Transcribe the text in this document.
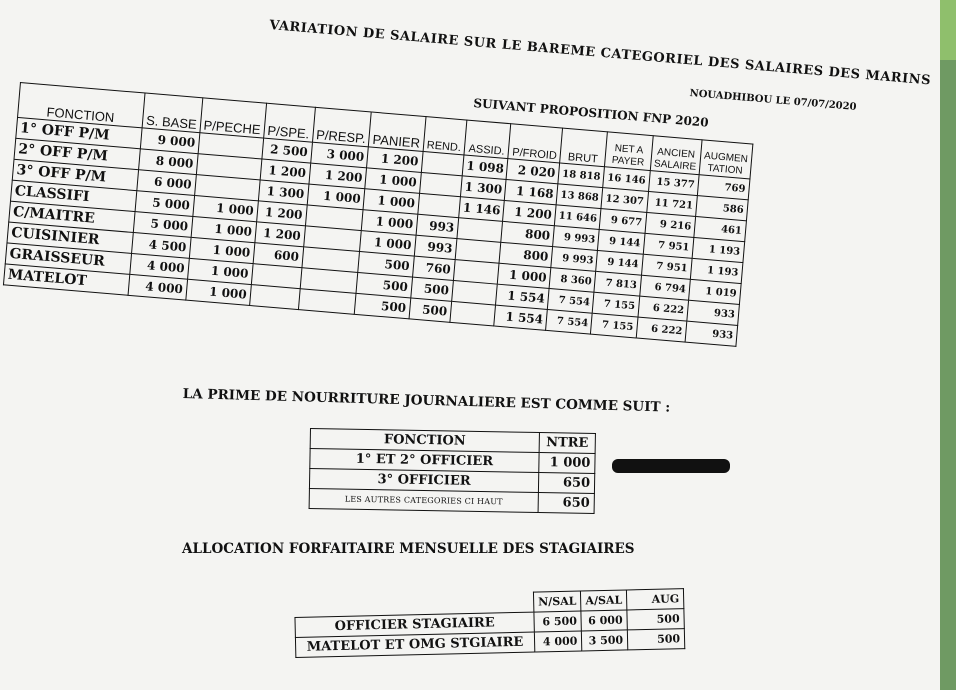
VARIATION DE SALAIRE SUR LE BAREME CATEGORIEL DES SALAIRES DES MARINS
SUIVANT PROPOSITION FNP 2020
NOUADHIBOU LE 07/07/2020
FONCTION	S. BASE	P/PECHE	P/SPE.	P/RESP.	PANIER	REND.	ASSID.	P/FROID	BRUT	NET A PAYER	ANCIEN SALAIRE	AUGMEN TATION
1° OFF P/M	9 000		2 500	3 000	1 200		1 098	2 020	18 818	16 146	15 377	769
2° OFF P/M	8 000		1 200	1 200	1 000		1 300	1 168	13 868	12 307	11 721	586
3° OFF P/M	6 000		1 300	1 000	1 000		1 146	1 200	11 646	9 677	9 216	461
CLASSIFI	5 000	1 000	1 200		1 000	993		800	9 993	9 144	7 951	1 193
C/MAITRE	5 000	1 000	1 200		1 000	993		800	9 993	9 144	7 951	1 193
CUISINIER	4 500	1 000	600		500	760		1 000	8 360	7 813	6 794	1 019
GRAISSEUR	4 000	1 000			500	500		1 554	7 554	7 155	6 222	933
MATELOT	4 000	1 000			500	500		1 554	7 554	7 155	6 222	933
LA PRIME DE NOURRITURE JOURNALIERE EST COMME SUIT :
FONCTION	NTRE
1° ET 2° OFFICIER	1 000
3° OFFICIER	650
LES AUTRES CATEGORIES CI HAUT	650
ALLOCATION FORFAITAIRE MENSUELLE DES STAGIAIRES
	N/SAL	A/SAL	AUG
OFFICIER STAGIAIRE	6 500	6 000	500
MATELOT ET OMG STGIAIRE	4 000	3 500	500
